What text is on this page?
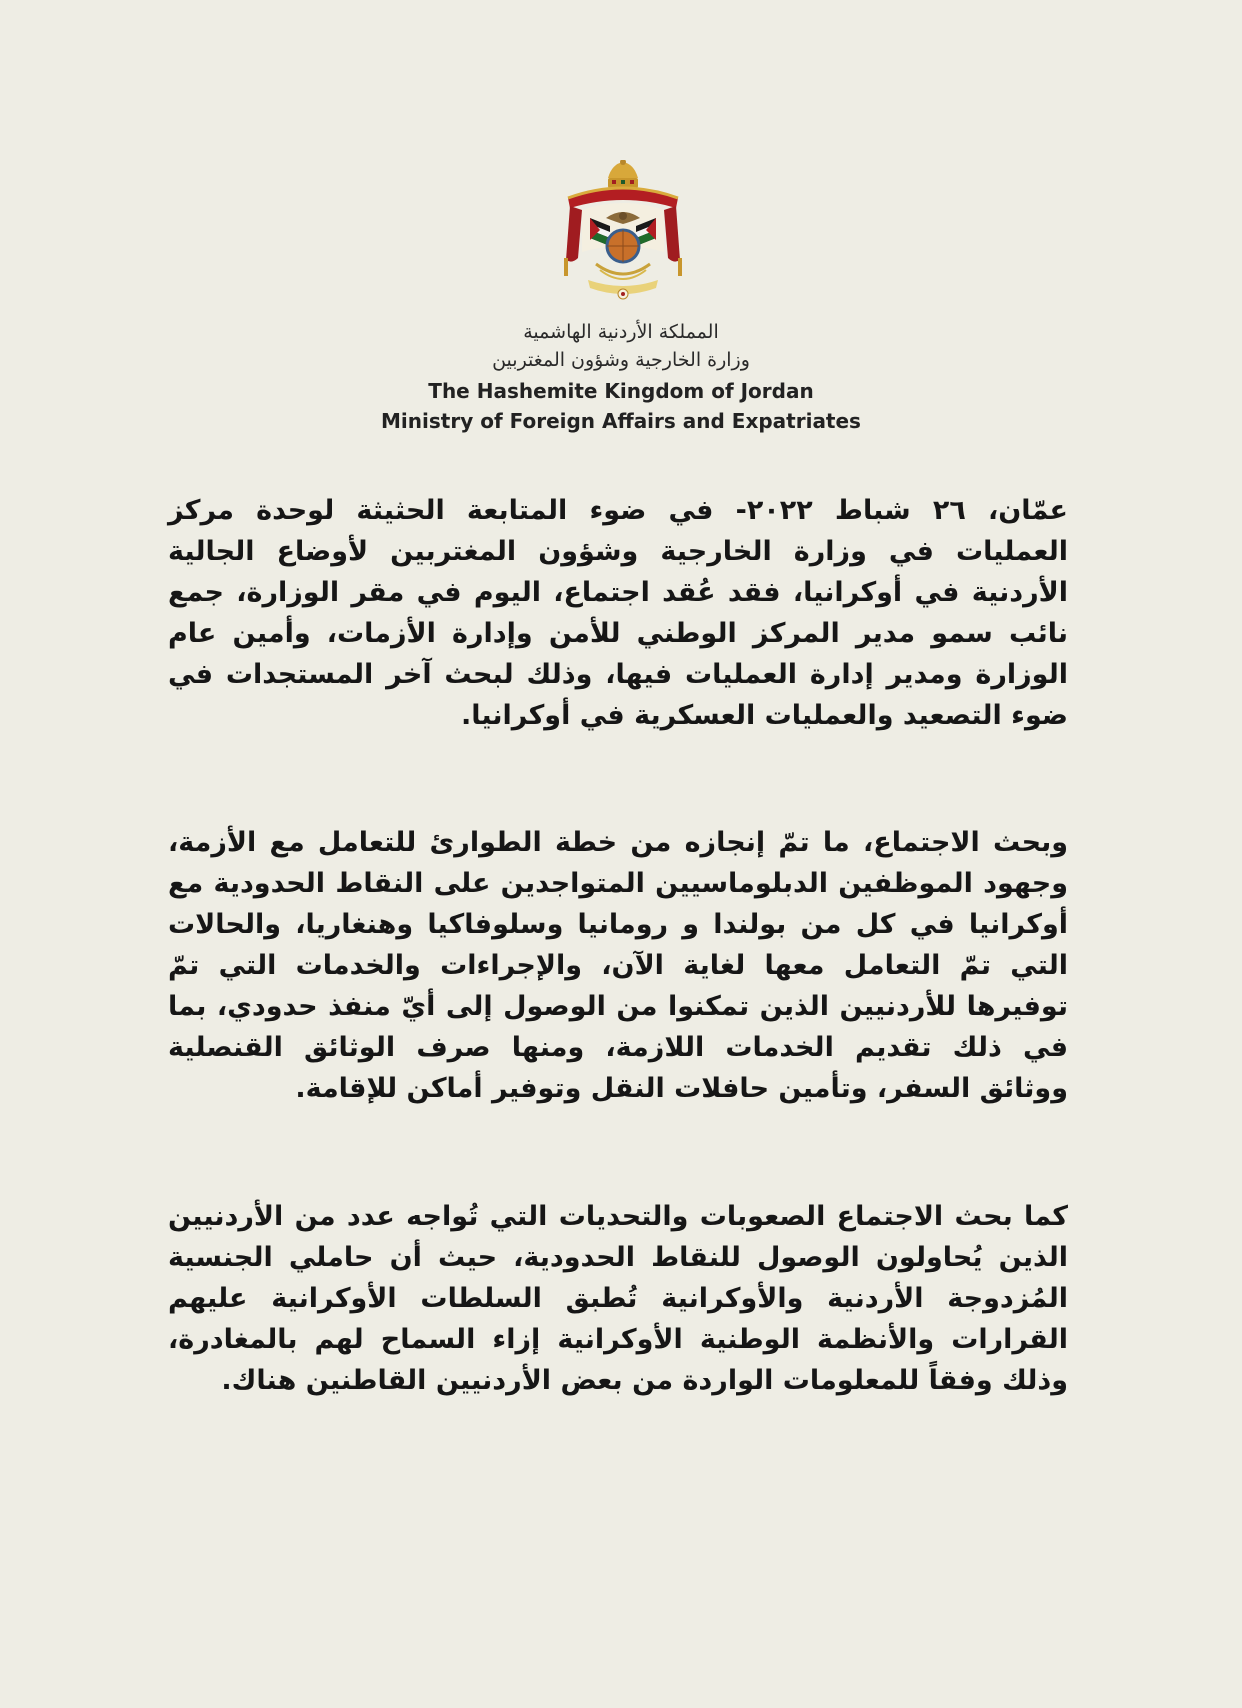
المملكة الأردنية الهاشمية
وزارة الخارجية وشؤون المغتربين
The Hashemite Kingdom of Jordan
Ministry of Foreign Affairs and Expatriates

عمّان، ٢٦ شباط ٢٠٢٢- في ضوء المتابعة الحثيثة لوحدة مركز العمليات في وزارة الخارجية وشؤون المغتربين لأوضاع الجالية الأردنية في أوكرانيا، فقد عُقد اجتماع، اليوم في مقر الوزارة، جمع نائب سمو مدير المركز الوطني للأمن وإدارة الأزمات، وأمين عام الوزارة ومدير إدارة العمليات فيها، وذلك لبحث آخر المستجدات في ضوء التصعيد والعمليات العسكرية في أوكرانيا.

وبحث الاجتماع، ما تمّ إنجازه من خطة الطوارئ للتعامل مع الأزمة، وجهود الموظفين الدبلوماسيين المتواجدين على النقاط الحدودية مع أوكرانيا في كل من بولندا و رومانيا وسلوفاكيا وهنغاريا، والحالات التي تمّ التعامل معها لغاية الآن، والإجراءات والخدمات التي تمّ توفيرها للأردنيين الذين تمكنوا من الوصول إلى أيّ منفذ حدودي، بما في ذلك تقديم الخدمات اللازمة، ومنها صرف الوثائق القنصلية ووثائق السفر، وتأمين حافلات النقل وتوفير أماكن للإقامة.

كما بحث الاجتماع الصعوبات والتحديات التي تُواجه عدد من الأردنيين الذين يُحاولون الوصول للنقاط الحدودية، حيث أن حاملي الجنسية المُزدوجة الأردنية والأوكرانية تُطبق السلطات الأوكرانية عليهم القرارات والأنظمة الوطنية الأوكرانية إزاء السماح لهم بالمغادرة، وذلك وفقاً للمعلومات الواردة من بعض الأردنيين القاطنين هناك.
